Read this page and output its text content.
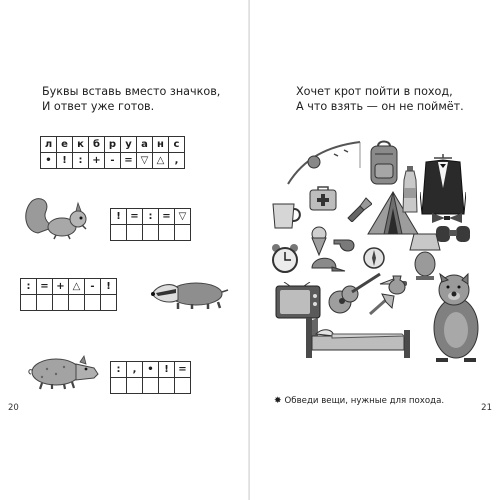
Буквы вставь вместо значков,
И ответ уже готов.
л	е	к	б	р	у	а	н	с
•	!	:	+	-	=	▽	△	,
!	=	:	=	▽

:	=	+	△	-	!

:	,	•	!	=

20
Хочет крот пойти в поход,
А что взять — он не поймёт.
✸ Обведи вещи, нужные для похода.
21
